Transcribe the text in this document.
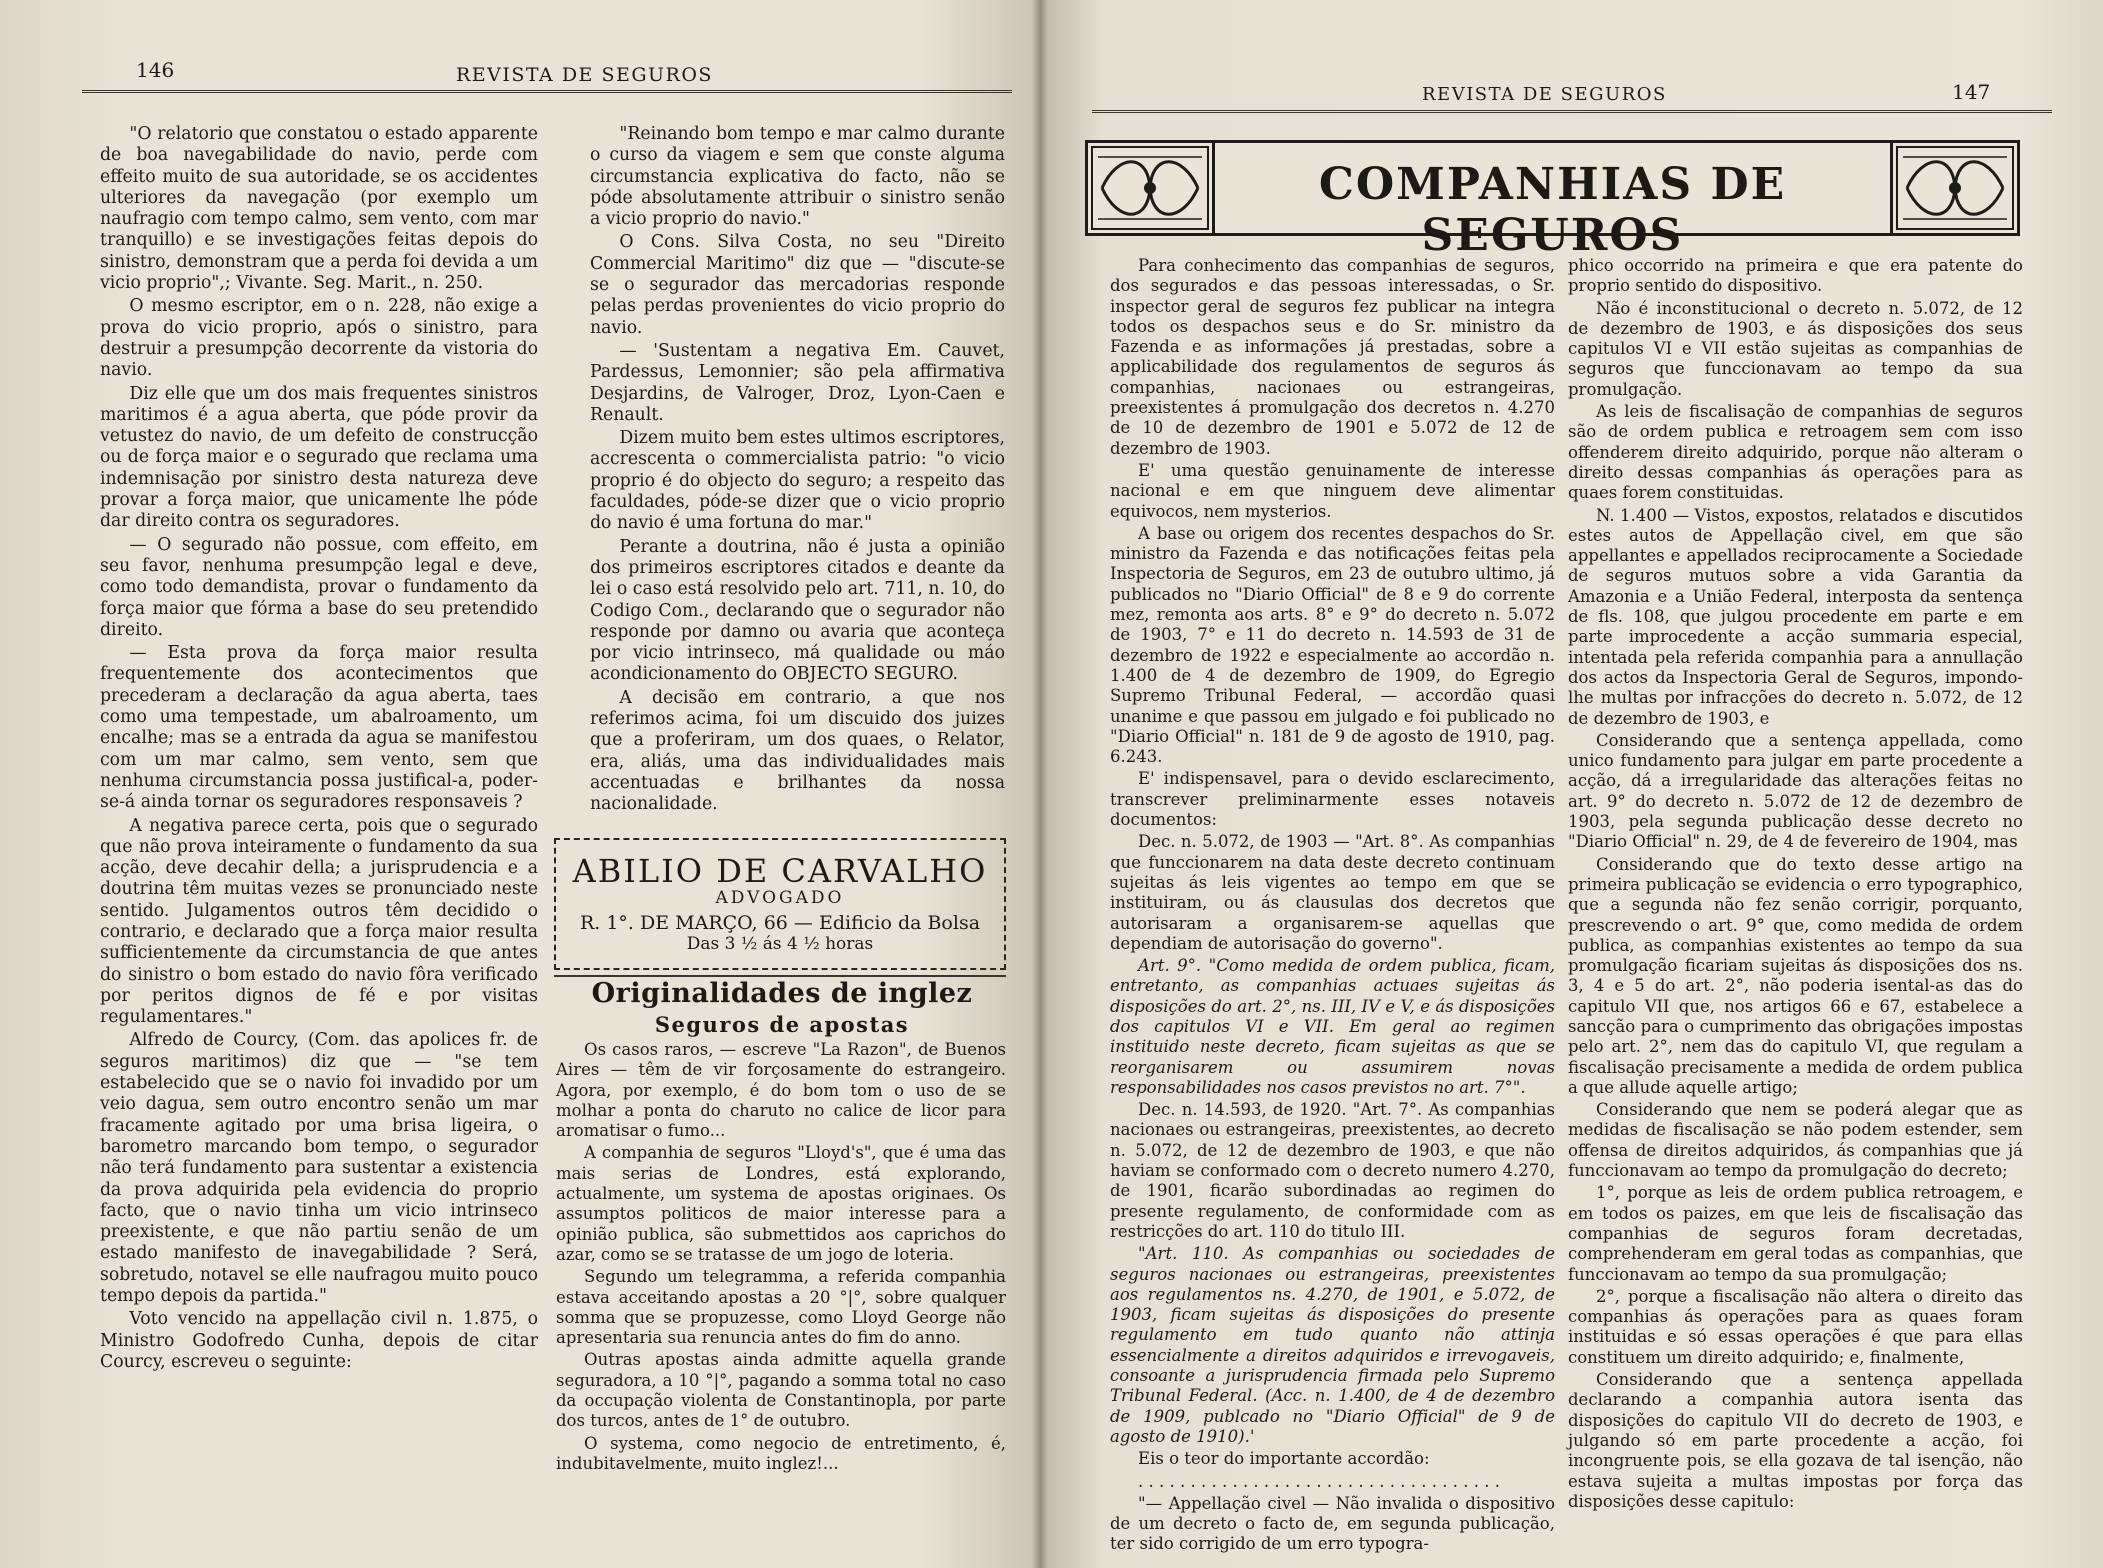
146	REVISTA DE SEGUROS

"O relatorio que constatou o estado apparente de boa navegabilidade do navio, perde com effeito muito de sua autoridade, se os accidentes ulteriores da navegação (por exemplo um naufragio com tempo calmo, sem vento, com mar tranquillo) e se investigações feitas depois do sinistro, demonstram que a perda foi devida a um vicio proprio",; Vivante. Seg. Marit., n. 250.

O mesmo escriptor, em o n. 228, não exige a prova do vicio proprio, após o sinistro, para destruir a presumpção decorrente da vistoria do navio.

Diz elle que um dos mais frequentes sinistros maritimos é a agua aberta, que póde provir da vetustez do navio, de um defeito de construcção ou de força maior e o segurado que reclama uma indemnisação por sinistro desta natureza deve provar a força maior, que unicamente lhe póde dar direito contra os seguradores.

— O segurado não possue, com effeito, em seu favor, nenhuma presumpção legal e deve, como todo demandista, provar o fundamento da força maior que fórma a base do seu pretendido direito.

— Esta prova da força maior resulta frequentemente dos acontecimentos que precederam a declaração da agua aberta, taes como uma tempestade, um abalroamento, um encalhe; mas se a entrada da agua se manifestou com um mar calmo, sem vento, sem que nenhuma circumstancia possa justifical-a, poder-se-á ainda tornar os seguradores responsaveis ?

A negativa parece certa, pois que o segurado que não prova inteiramente o fundamento da sua acção, deve decahir della; a jurisprudencia e a doutrina têm muitas vezes se pronunciado neste sentido. Julgamentos outros têm decidido o contrario, e declarado que a força maior resulta sufficientemente da circumstancia de que antes do sinistro o bom estado do navio fôra verificado por peritos dignos de fé e por visitas regulamentares."

Alfredo de Courcy, (Com. das apolices fr. de seguros maritimos) diz que — "se tem estabelecido que se o navio foi invadido por um veio dagua, sem outro encontro senão um mar fracamente agitado por uma brisa ligeira, o barometro marcando bom tempo, o segurador não terá fundamento para sustentar a existencia da prova adquirida pela evidencia do proprio facto, que o navio tinha um vicio intrinseco preexistente, e que não partiu senão de um estado manifesto de inavegabilidade ? Será, sobretudo, notavel se elle naufragou muito pouco tempo depois da partida."

Voto vencido na appellação civil n. 1.875, o Ministro Godofredo Cunha, depois de citar Courcy, escreveu o seguinte:

"Reinando bom tempo e mar calmo durante o curso da viagem e sem que conste alguma circumstancia explicativa do facto, não se póde absolutamente attribuir o sinistro senão a vicio proprio do navio."

O Cons. Silva Costa, no seu "Direito Commercial Maritimo" diz que — "discute-se se o segurador das mercadorias responde pelas perdas provenientes do vicio proprio do navio.

— 'Sustentam a negativa Em. Cauvet, Pardessus, Lemonnier; são pela affirmativa Desjardins, de Valroger, Droz, Lyon-Caen e Renault.

Dizem muito bem estes ultimos escriptores, accrescenta o commercialista patrio: "o vicio proprio é do objecto do seguro; a respeito das faculdades, póde-se dizer que o vicio proprio do navio é uma fortuna do mar."

Perante a doutrina, não é justa a opinião dos primeiros escriptores citados e deante da lei o caso está resolvido pelo art. 711, n. 10, do Codigo Com., declarando que o segurador não responde por damno ou avaria que aconteça por vicio intrinseco, má qualidade ou máo acondicionamento do OBJECTO SEGURO.

A decisão em contrario, a que nos referimos acima, foi um discuido dos juizes que a proferiram, um dos quaes, o Relator, era, aliás, uma das individualidades mais accentuadas e brilhantes da nossa nacionalidade.

ABILIO DE CARVALHO
ADVOGADO
R. 1°. DE MARÇO, 66 — Edificio da Bolsa
Das 3 ½ ás 4 ½ horas
Originalidades de inglez
Seguros de apostas

Os casos raros, — escreve "La Razon", de Buenos Aires — têm de vir forçosamente do estrangeiro. Agora, por exemplo, é do bom tom o uso de se molhar a ponta do charuto no calice de licor para aromatisar o fumo...

A companhia de seguros "Lloyd's", que é uma das mais serias de Londres, está explorando, actualmente, um systema de apostas originaes. Os assumptos politicos de maior interesse para a opinião publica, são submettidos aos caprichos do azar, como se se tratasse de um jogo de loteria.

Segundo um telegramma, a referida companhia estava acceitando apostas a 20 °|°, sobre qualquer somma que se propuzesse, como Lloyd George não apresentaria sua renuncia antes do fim do anno.

Outras apostas ainda admitte aquella grande seguradora, a 10 °|°, pagando a somma total no caso da occupação violenta de Constantinopla, por parte dos turcos, antes de 1° de outubro.

O systema, como negocio de entretimento, é, indubitavelmente, muito inglez!...

REVISTA DE SEGUROS	147
COMPANHIAS DE SEGUROS

Para conhecimento das companhias de seguros, dos segurados e das pessoas interessadas, o Sr. inspector geral de seguros fez publicar na integra todos os despachos seus e do Sr. ministro da Fazenda e as informações já prestadas, sobre a applicabilidade dos regulamentos de seguros ás companhias, nacionaes ou estrangeiras, preexistentes á promulgação dos decretos n. 4.270 de 10 de dezembro de 1901 e 5.072 de 12 de dezembro de 1903.

E' uma questão genuinamente de interesse nacional e em que ninguem deve alimentar equivocos, nem mysterios.

A base ou origem dos recentes despachos do Sr. ministro da Fazenda e das notificações feitas pela Inspectoria de Seguros, em 23 de outubro ultimo, já publicados no "Diario Official" de 8 e 9 do corrente mez, remonta aos arts. 8° e 9° do decreto n. 5.072 de 1903, 7° e 11 do decreto n. 14.593 de 31 de dezembro de 1922 e especialmente ao accordão n. 1.400 de 4 de dezembro de 1909, do Egregio Supremo Tribunal Federal, — accordão quasi unanime e que passou em julgado e foi publicado no "Diario Official" n. 181 de 9 de agosto de 1910, pag. 6.243.

E' indispensavel, para o devido esclarecimento, transcrever preliminarmente esses notaveis documentos:

Dec. n. 5.072, de 1903 — "Art. 8°. As companhias que funccionarem na data deste decreto continuam sujeitas ás leis vigentes ao tempo em que se instituiram, ou ás clausulas dos decretos que autorisaram a organisarem-se aquellas que dependiam de autorisação do governo".

Art. 9°. "Como medida de ordem publica, ficam, entretanto, as companhias actuaes sujeitas ás disposições do art. 2°, ns. III, IV e V, e ás disposições dos capitulos VI e VII. Em geral ao regimen instituido neste decreto, ficam sujeitas as que se reorganisarem ou assumirem novas responsabilidades nos casos previstos no art. 7°".

Dec. n. 14.593, de 1920. "Art. 7°. As companhias nacionaes ou estrangeiras, preexistentes, ao decreto n. 5.072, de 12 de dezembro de 1903, e que não haviam se conformado com o decreto numero 4.270, de 1901, ficarão subordinadas ao regimen do presente regulamento, de conformidade com as restricções do art. 110 do titulo III.

"Art. 110. As companhias ou sociedades de seguros nacionaes ou estrangeiras, preexistentes aos regulamentos ns. 4.270, de 1901, e 5.072, de 1903, ficam sujeitas ás disposições do presente regulamento em tudo quanto não attinja essencialmente a direitos adquiridos e irrevogaveis, consoante a jurisprudencia firmada pelo Supremo Tribunal Federal. (Acc. n. 1.400, de 4 de dezembro de 1909, publcado no "Diario Official" de 9 de agosto de 1910).'

Eis o teor do importante accordão:

. . . . . . . . . . . . . . . . . . . . . . . . . . . . . . . . . . .

"— Appellação civel — Não invalida o dispositivo de um decreto o facto de, em segunda publicação, ter sido corrigido de um erro typogra-

phico occorrido na primeira e que era patente do proprio sentido do dispositivo.

Não é inconstitucional o decreto n. 5.072, de 12 de dezembro de 1903, e ás disposições dos seus capitulos VI e VII estão sujeitas as companhias de seguros que funccionavam ao tempo da sua promulgação.

As leis de fiscalisação de companhias de seguros são de ordem publica e retroagem sem com isso offenderem direito adquirido, porque não alteram o direito dessas companhias ás operações para as quaes forem constituidas.

N. 1.400 — Vistos, expostos, relatados e discutidos estes autos de Appellação civel, em que são appellantes e appellados reciprocamente a Sociedade de seguros mutuos sobre a vida Garantia da Amazonia e a União Federal, interposta da sentença de fls. 108, que julgou procedente em parte e em parte improcedente a acção summaria especial, intentada pela referida companhia para a annullação dos actos da Inspectoria Geral de Seguros, impondo-lhe multas por infracções do decreto n. 5.072, de 12 de dezembro de 1903, e

Considerando que a sentença appellada, como unico fundamento para julgar em parte procedente a acção, dá a irregularidade das alterações feitas no art. 9° do decreto n. 5.072 de 12 de dezembro de 1903, pela segunda publicação desse decreto no "Diario Official" n. 29, de 4 de fevereiro de 1904, mas

Considerando que do texto desse artigo na primeira publicação se evidencia o erro typographico, que a segunda não fez senão corrigir, porquanto, prescrevendo o art. 9° que, como medida de ordem publica, as companhias existentes ao tempo da sua promulgação ficariam sujeitas ás disposições dos ns. 3, 4 e 5 do art. 2°, não poderia isental-as das do capitulo VII que, nos artigos 66 e 67, estabelece a sancção para o cumprimento das obrigações impostas pelo art. 2°, nem das do capitulo VI, que regulam a fiscalisação precisamente a medida de ordem publica a que allude aquelle artigo;

Considerando que nem se poderá alegar que as medidas de fiscalisação se não podem estender, sem offensa de direitos adquiridos, ás companhias que já funccionavam ao tempo da promulgação do decreto;

1°, porque as leis de ordem publica retroagem, e em todos os paizes, em que leis de fiscalisação das companhias de seguros foram decretadas, comprehenderam em geral todas as companhias, que funccionavam ao tempo da sua promulgação;

2°, porque a fiscalisação não altera o direito das companhias ás operações para as quaes foram instituidas e só essas operações é que para ellas constituem um direito adquirido; e, finalmente,

Considerando que a sentença appellada declarando a companhia autora isenta das disposições do capitulo VII do decreto de 1903, e julgando só em parte procedente a acção, foi incongruente pois, se ella gozava de tal isenção, não estava sujeita a multas impostas por força das disposições desse capitulo:
